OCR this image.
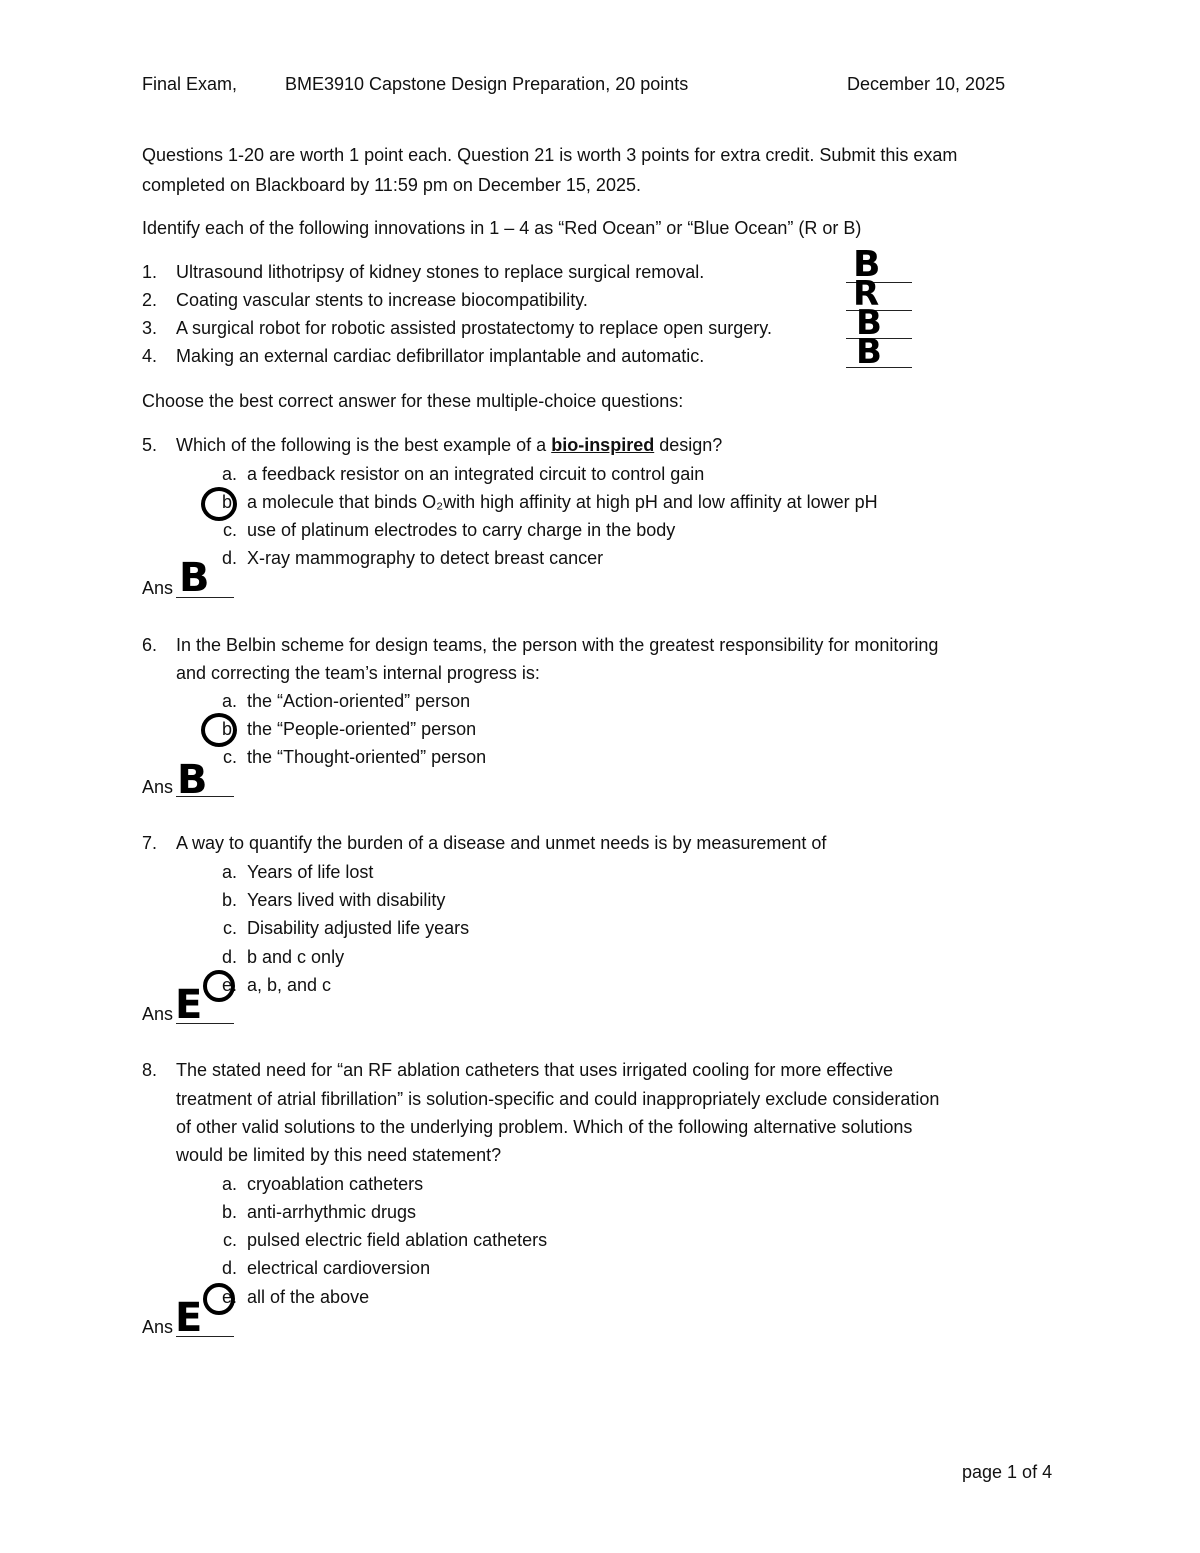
Final Exam,	BME3910 Capstone Design Preparation, 20 points	December 10, 2025
Questions 1-20 are worth 1 point each. Question 21 is worth 3 points for extra credit. Submit this exam
completed on Blackboard by 11:59 pm on December 15, 2025.
Identify each of the following innovations in 1 – 4 as “Red Ocean” or “Blue Ocean” (R or B)
1.	Ultrasound lithotripsy of kidney stones to replace surgical removal.	B
2.	Coating vascular stents to increase biocompatibility.	R
3.	A surgical robot for robotic assisted prostatectomy to replace open surgery. B
4.	Making an external cardiac defibrillator implantable and automatic.	B
Choose the best correct answer for these multiple-choice questions:
5.	Which of the following is the best example of a bio-inspired design?
a. a feedback resistor on an integrated circuit to control gain
b. a molecule that binds O₂with high affinity at high pH and low affinity at lower pH
c. use of platinum electrodes to carry charge in the body
d. X-ray mammography to detect breast cancer
Ans B
6.	In the Belbin scheme for design teams, the person with the greatest responsibility for monitoring
and correcting the team’s internal progress is:
a. the “Action-oriented” person
b. the “People-oriented” person
c. the “Thought-oriented” person
Ans B
7.	A way to quantify the burden of a disease and unmet needs is by measurement of
a. Years of life lost
b. Years lived with disability
c. Disability adjusted life years
d. b and c only
e. a, b, and c
Ans E
8.	The stated need for “an RF ablation catheters that uses irrigated cooling for more effective
treatment of atrial fibrillation” is solution-specific and could inappropriately exclude consideration
of other valid solutions to the underlying problem. Which of the following alternative solutions
would be limited by this need statement?
a. cryoablation catheters
b. anti-arrhythmic drugs
c. pulsed electric field ablation catheters
d. electrical cardioversion
e. all of the above
Ans E
page 1 of 4
